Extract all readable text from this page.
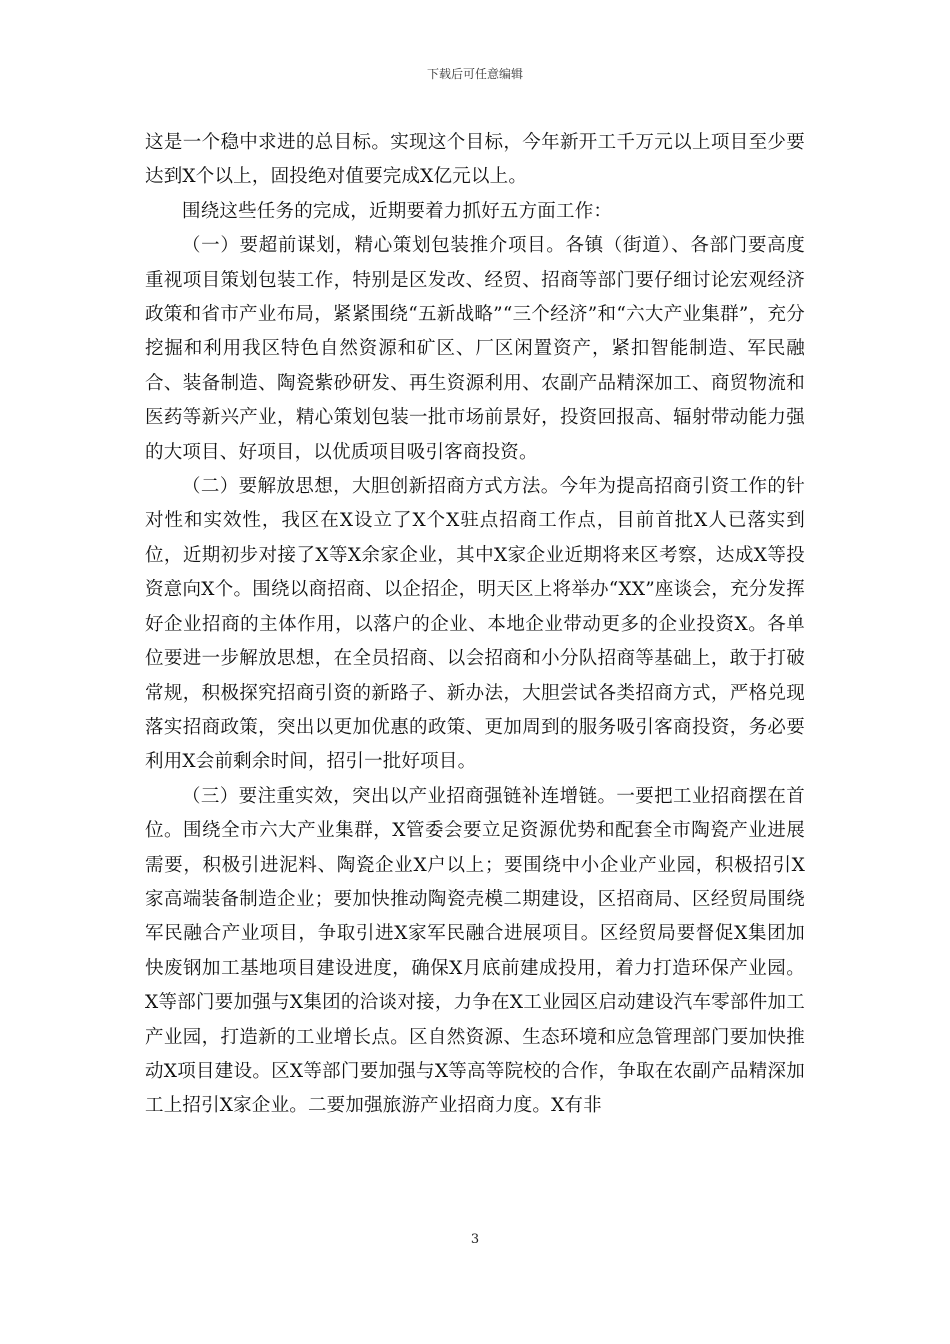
下载后可任意编辑

这是一个稳中求进的总目标。实现这个目标，今年新开工千万元以上项目至少要达到X个以上，固投绝对值要完成X亿元以上。

围绕这些任务的完成，近期要着力抓好五方面工作：

（一）要超前谋划，精心策划包装推介项目。各镇（街道）、各部门要高度重视项目策划包装工作，特别是区发改、经贸、招商等部门要仔细讨论宏观经济政策和省市产业布局，紧紧围绕“五新战略”“三个经济”和“六大产业集群”，充分挖掘和利用我区特色自然资源和矿区、厂区闲置资产，紧扣智能制造、军民融合、装备制造、陶瓷紫砂研发、再生资源利用、农副产品精深加工、商贸物流和医药等新兴产业，精心策划包装一批市场前景好，投资回报高、辐射带动能力强的大项目、好项目，以优质项目吸引客商投资。

（二）要解放思想，大胆创新招商方式方法。今年为提高招商引资工作的针对性和实效性，我区在X设立了X个X驻点招商工作点，目前首批X人已落实到位，近期初步对接了X等X余家企业，其中X家企业近期将来区考察，达成X等投资意向X个。围绕以商招商、以企招企，明天区上将举办“XX”座谈会，充分发挥好企业招商的主体作用，以落户的企业、本地企业带动更多的企业投资X。各单位要进一步解放思想，在全员招商、以会招商和小分队招商等基础上，敢于打破常规，积极探究招商引资的新路子、新办法，大胆尝试各类招商方式，严格兑现落实招商政策，突出以更加优惠的政策、更加周到的服务吸引客商投资，务必要利用X会前剩余时间，招引一批好项目。

（三）要注重实效，突出以产业招商强链补连增链。一要把工业招商摆在首位。围绕全市六大产业集群，X管委会要立足资源优势和配套全市陶瓷产业进展需要，积极引进泥料、陶瓷企业X户以上；要围绕中小企业产业园，积极招引X家高端装备制造企业；要加快推动陶瓷壳模二期建设，区招商局、区经贸局围绕军民融合产业项目，争取引进X家军民融合进展项目。区经贸局要督促X集团加快废钢加工基地项目建设进度，确保X月底前建成投用，着力打造环保产业园。X等部门要加强与X集团的洽谈对接，力争在X工业园区启动建设汽车零部件加工产业园，打造新的工业增长点。区自然资源、生态环境和应急管理部门要加快推动X项目建设。区X等部门要加强与X等高等院校的合作，争取在农副产品精深加工上招引X家企业。二要加强旅游产业招商力度。X有非

3
